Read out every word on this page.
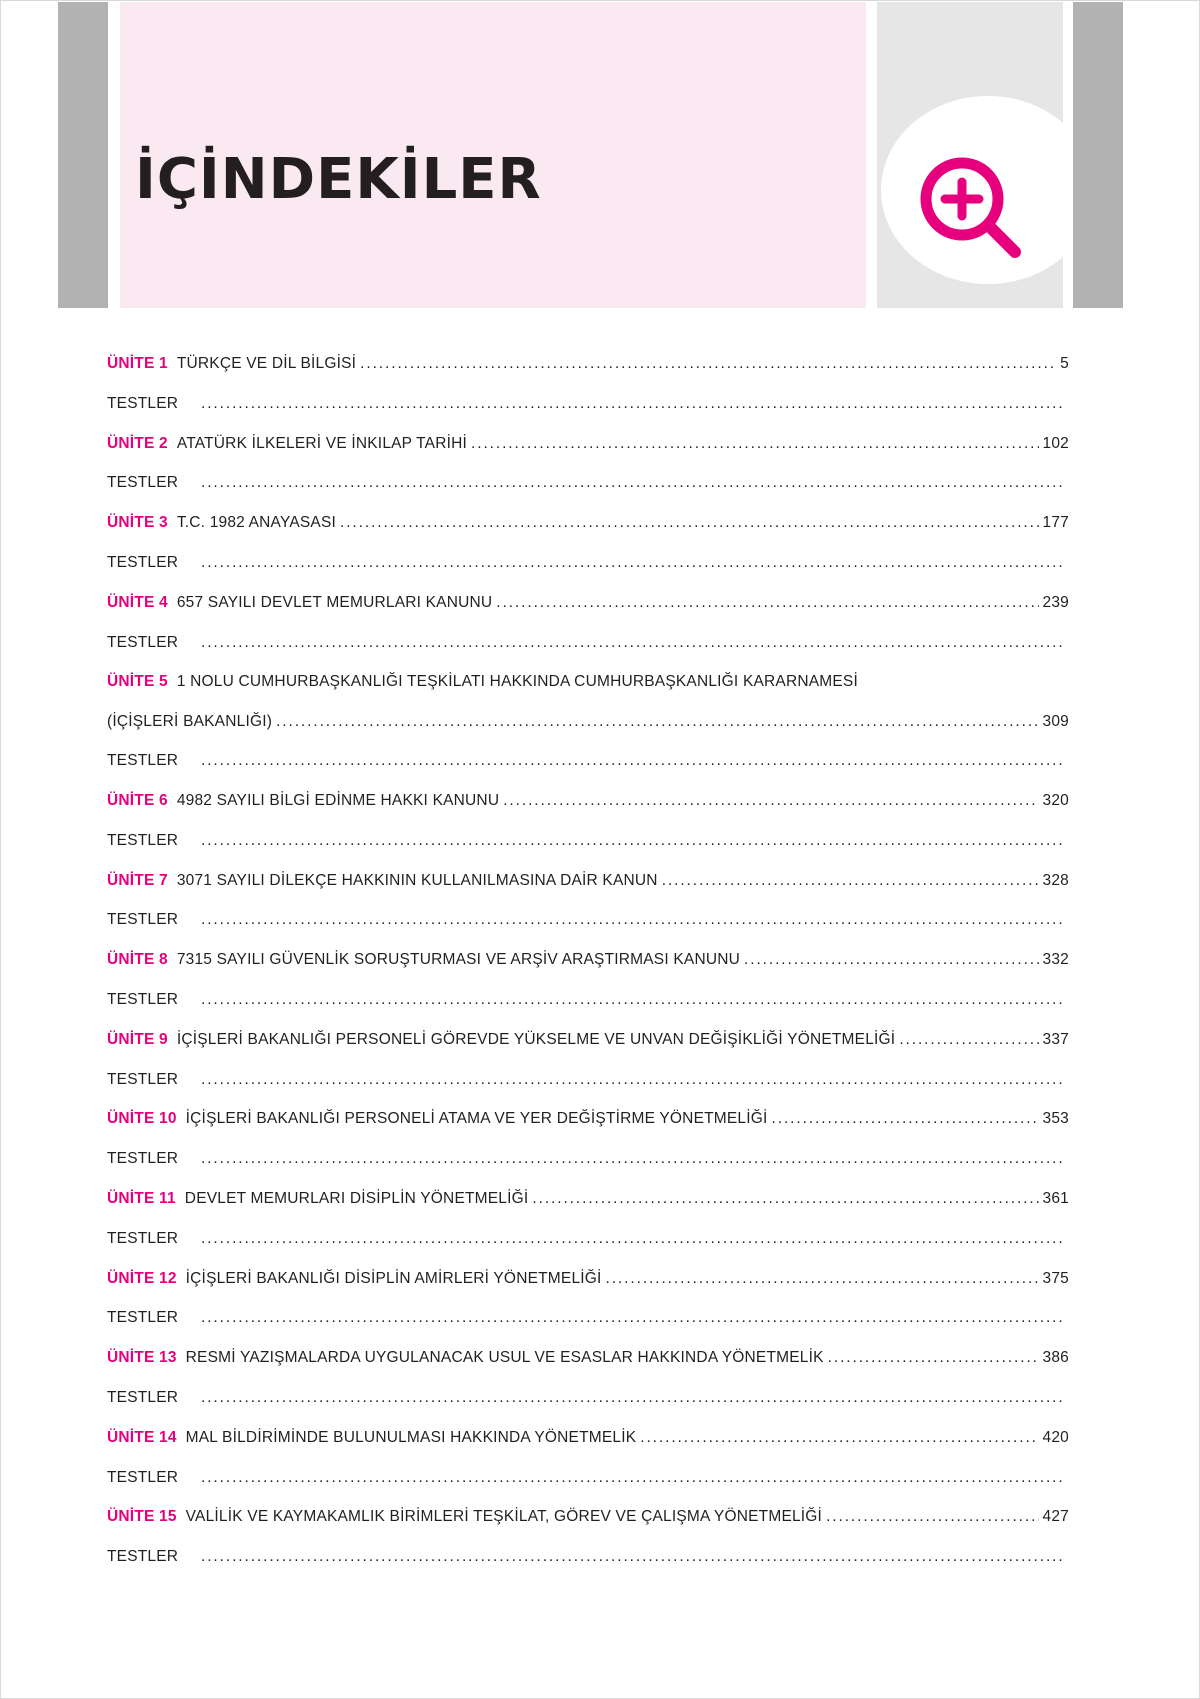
İÇİNDEKİLER
ÜNİTE 1 TÜRKÇE VE DİL BİLGİSİ . . .	5
TESTLER
. . .
ÜNİTE 2 ATATÜRK İLKELERİ VE İNKILAP TARİHİ . . .	102
TESTLER
. . .
ÜNİTE 3 T.C. 1982 ANAYASASI . . .	177
TESTLER
. . .
ÜNİTE 4 657 SAYILI DEVLET MEMURLARI KANUNU . . .	239
TESTLER
. . .
ÜNİTE 5 1 NOLU CUMHURBAŞKANLIĞI TEŞKİLATI HAKKINDA CUMHURBAŞKANLIĞI KARARNAMESİ
(İÇİŞLERİ BAKANLIĞI) . . .	309
TESTLER
. . .
ÜNİTE 6 4982 SAYILI BİLGİ EDİNME HAKKI KANUNU . . .	320
TESTLER
. . .
ÜNİTE 7 3071 SAYILI DİLEKÇE HAKKININ KULLANILMASINA DAİR KANUN . . .	328
TESTLER
. . .
ÜNİTE 8 7315 SAYILI GÜVENLİK SORUŞTURMASI VE ARŞİV ARAŞTIRMASI KANUNU . . .	332
TESTLER
. . .
ÜNİTE 9 İÇİŞLERİ BAKANLIĞI PERSONELİ GÖREVDE YÜKSELME VE UNVAN DEĞİŞİKLİĞİ YÖNETMELİĞİ . . .	337
TESTLER
. . .
ÜNİTE 10 İÇİŞLERİ BAKANLIĞI PERSONELİ ATAMA VE YER DEĞİŞTİRME YÖNETMELİĞİ . . .	353
TESTLER
. . .
ÜNİTE 11 DEVLET MEMURLARI DİSİPLİN YÖNETMELİĞİ . . .	361
TESTLER
. . .
ÜNİTE 12 İÇİŞLERİ BAKANLIĞI DİSİPLİN AMİRLERİ YÖNETMELİĞİ . . .	375
TESTLER
. . .
ÜNİTE 13 RESMİ YAZIŞMALARDA UYGULANACAK USUL VE ESASLAR HAKKINDA YÖNETMELİK . . .	386
TESTLER
. . .
ÜNİTE 14 MAL BİLDİRİMİNDE BULUNULMASI HAKKINDA YÖNETMELİK . . .	420
TESTLER
. . .
ÜNİTE 15 VALİLİK VE KAYMAKAMLIK BİRİMLERİ TEŞKİLAT, GÖREV VE ÇALIŞMA YÖNETMELİĞİ . . .	427
TESTLER
. . .
